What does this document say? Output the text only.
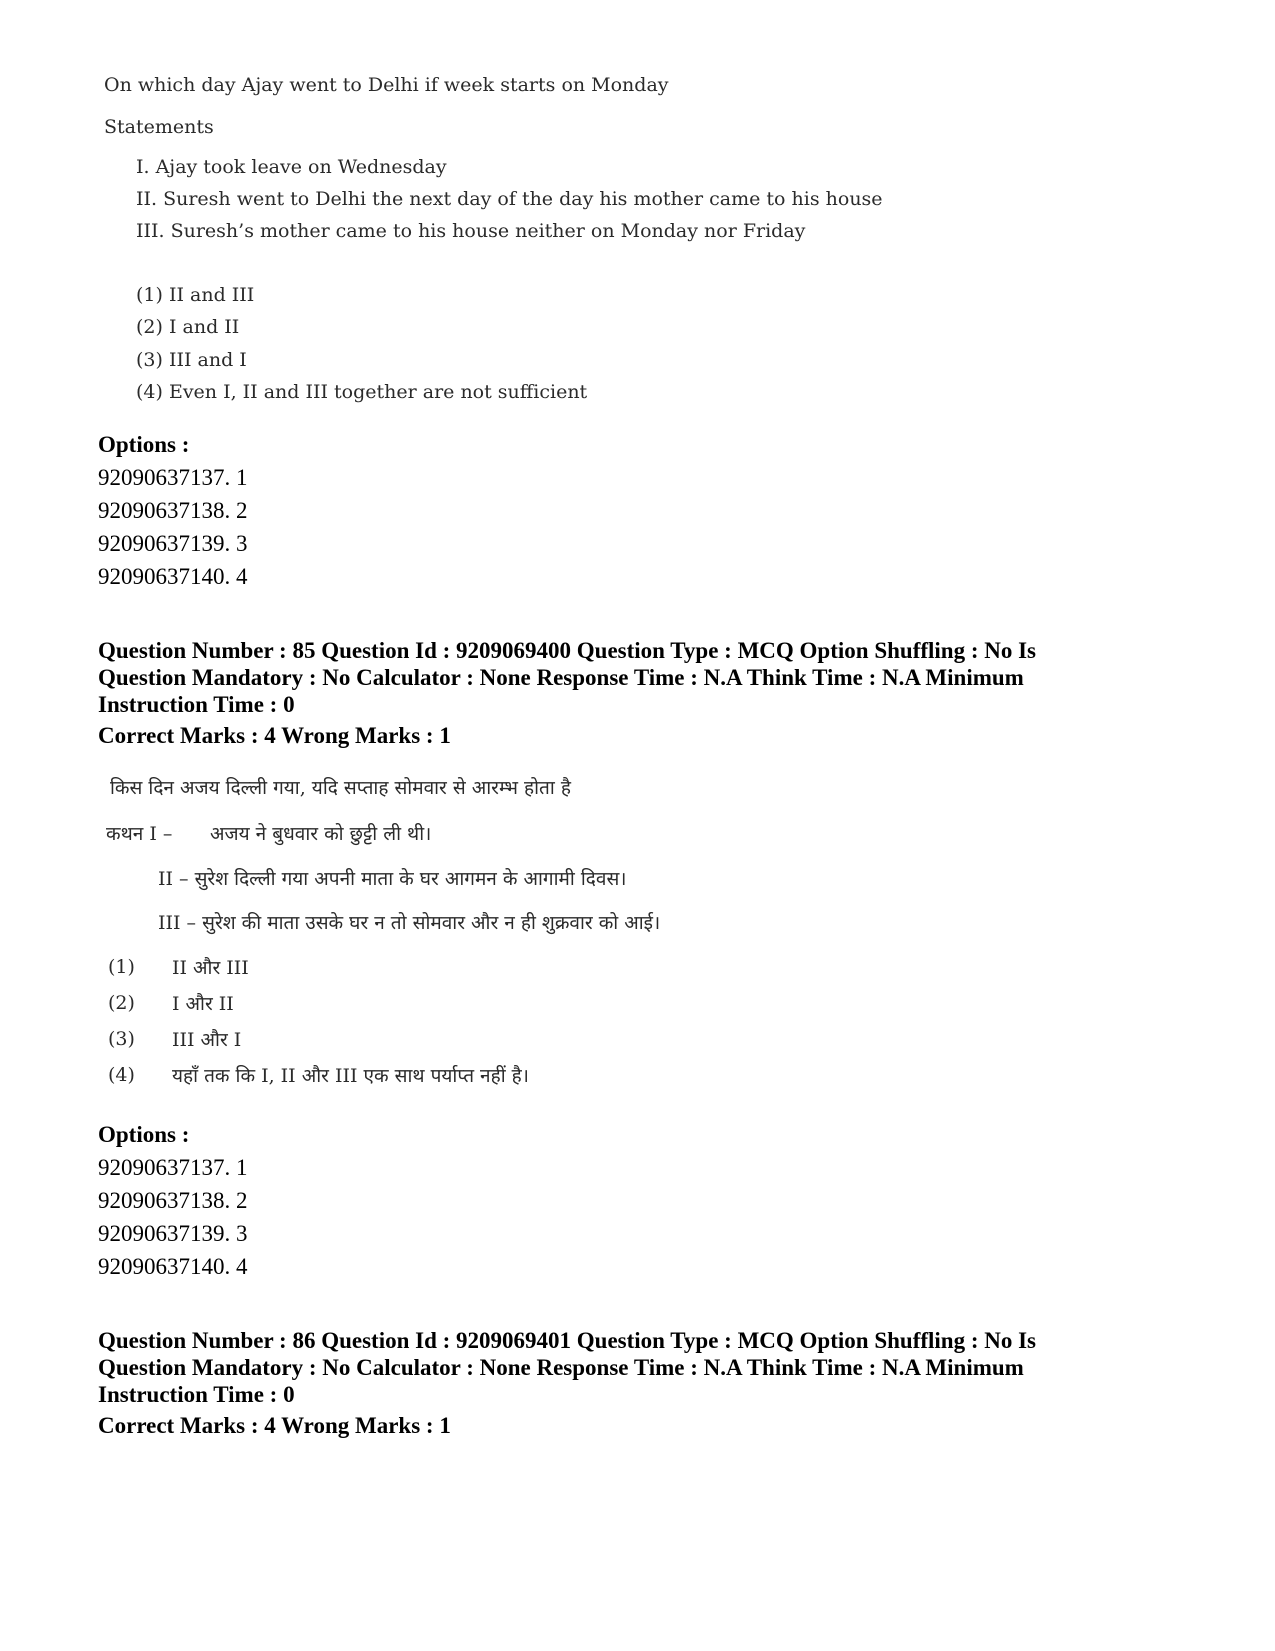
On which day Ajay went to Delhi if week starts on Monday
Statements
I. Ajay took leave on Wednesday
II. Suresh went to Delhi the next day of the day his mother came to his house
III. Suresh’s mother came to his house neither on Monday nor Friday
(1) II and III
(2) I and II
(3) III and I
(4) Even I, II and III together are not sufficient
Options :
92090637137. 1
92090637138. 2
92090637139. 3
92090637140. 4
Question Number : 85 Question Id : 9209069400 Question Type : MCQ Option Shuffling : No Is
Question Mandatory : No Calculator : None Response Time : N.A Think Time : N.A Minimum
Instruction Time : 0
Correct Marks : 4 Wrong Marks : 1
किस दिन अजय दिल्ली गया, यदि सप्ताह सोमवार से आरम्भ होता है
कथन I – अजय ने बुधवार को छुट्टी ली थी।
II – सुरेश दिल्ली गया अपनी माता के घर आगमन के आगामी दिवस।
III – सुरेश की माता उसके घर न तो सोमवार और न ही शुक्रवार को आई।
(1) II और III
(2) I और II
(3) III और I
(4) यहाँ तक कि I, II और III एक साथ पर्याप्त नहीं है।
Options :
92090637137. 1
92090637138. 2
92090637139. 3
92090637140. 4
Question Number : 86 Question Id : 9209069401 Question Type : MCQ Option Shuffling : No Is
Question Mandatory : No Calculator : None Response Time : N.A Think Time : N.A Minimum
Instruction Time : 0
Correct Marks : 4 Wrong Marks : 1
